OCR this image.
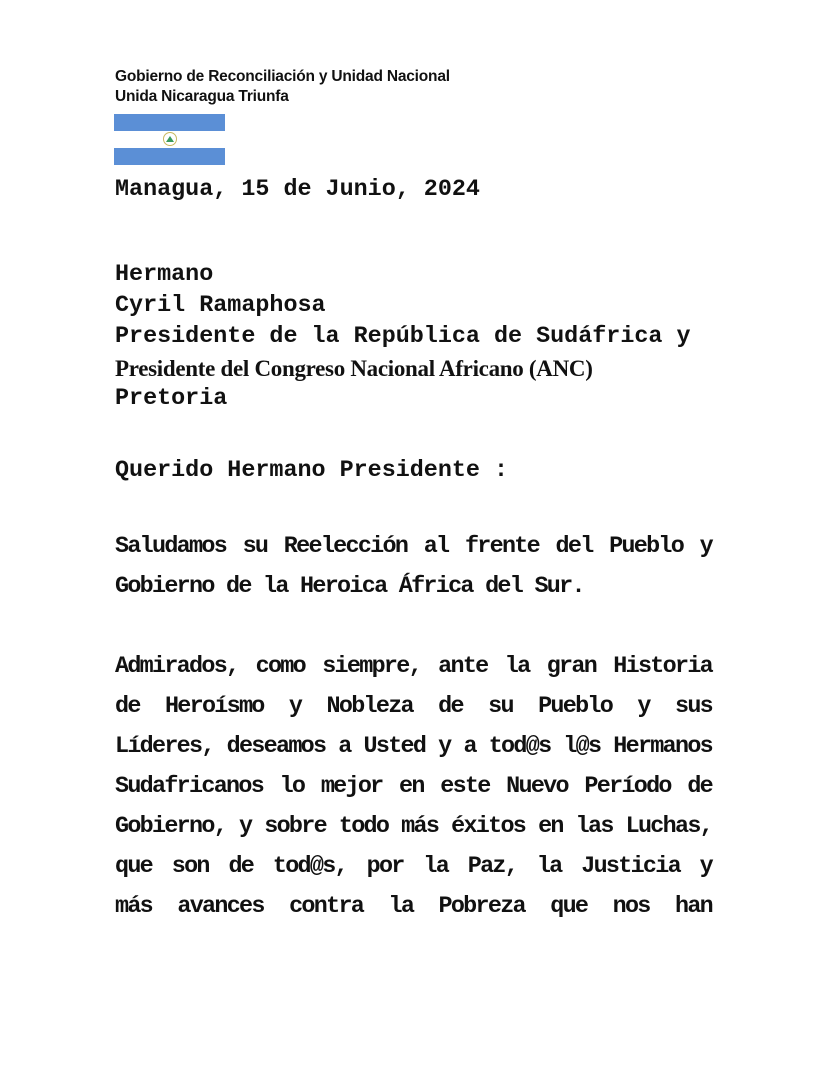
Gobierno de Reconciliación y Unidad Nacional
Unida Nicaragua Triunfa
Managua, 15 de Junio, 2024
Hermano
Cyril Ramaphosa
Presidente de la República de Sudáfrica y
Presidente del Congreso Nacional Africano (ANC)
Pretoria
Querido Hermano Presidente :
Saludamos su Reelección al frente del Pueblo y
Gobierno de la Heroica África del Sur.
Admirados, como siempre, ante la gran Historia
de Heroísmo y Nobleza de su Pueblo y sus
Líderes, deseamos a Usted y a tod@s l@s Hermanos
Sudafricanos lo mejor en este Nuevo Período de
Gobierno, y sobre todo más éxitos en las Luchas,
que son de tod@s, por la Paz, la Justicia y
más avances contra la Pobreza que nos han
